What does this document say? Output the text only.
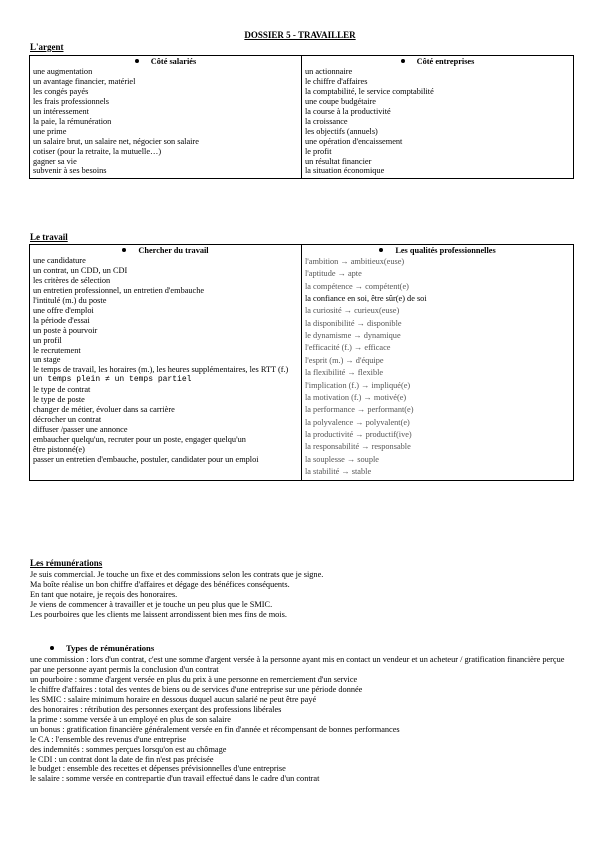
DOSSIER 5 - TRAVAILLER
L'argent
Côté salariés
une augmentation
un avantage financier, matériel
les congés payés
les frais professionnels
un intéressement
la paie, la rémunération
une prime
un salaire brut, un salaire net, négocier son salaire
cotiser (pour la retraite, la mutuelle…)
gagner sa vie
subvenir à ses besoins

Côté entreprises
un actionnaire
le chiffre d'affaires
la comptabilité, le service comptabilité
une coupe budgétaire
la course à la productivité
la croissance
les objectifs (annuels)
une opération d'encaissement
le profit
un résultat financier
la situation économique
Le travail
Chercher du travail
une candidature
un contrat, un CDD, un CDI
les critères de sélection
un entretien professionnel, un entretien d'embauche
l'intitulé (m.) du poste
une offre d'emploi
la période d'essai
un poste à pourvoir
un profil
le recrutement
un stage
le temps de travail, les horaires (m.), les heures supplémentaires, les RTT (f.)
un temps plein ≠ un temps partiel
le type de contrat
le type de poste
changer de métier, évoluer dans sa carrière
décrocher un contrat
diffuser /passer une annonce
embaucher quelqu'un, recruter pour un poste, engager quelqu'un
être pistonné(e)
passer un entretien d'embauche, postuler, candidater pour un emploi

Les qualités professionnelles
l'ambition → ambitieux(euse)
l'aptitude → apte
la compétence → compétent(e)
la confiance en soi, être sûr(e) de soi
la curiosité → curieux(euse)
la disponibilité → disponible
le dynamisme → dynamique
l'efficacité (f.) → efficace
l'esprit (m.) → d'équipe
la flexibilité → flexible
l'implication (f.) → impliqué(e)
la motivation (f.) → motivé(e)
la performance → performant(e)
la polyvalence → polyvalent(e)
la productivité → productif(ive)
la responsabilité → responsable
la souplesse → souple
la stabilité → stable
Les rémunérations
Je suis commercial. Je touche un fixe et des commissions selon les contrats que je signe.
Ma boîte réalise un bon chiffre d'affaires et dégage des bénéfices conséquents.
En tant que notaire, je reçois des honoraires.
Je viens de commencer à travailler et je touche un peu plus que le SMIC.
Les pourboires que les clients me laissent arrondissent bien mes fins de mois.
Types de rémunérations
une commission : lors d'un contrat, c'est une somme d'argent versée à la personne ayant mis en contact un vendeur et un acheteur / gratification financière perçue par une personne ayant permis la conclusion d'un contrat
un pourboire : somme d'argent versée en plus du prix à une personne en remerciement d'un service
le chiffre d'affaires : total des ventes de biens ou de services d'une entreprise sur une période donnée
les SMIC : salaire minimum horaire en dessous duquel aucun salarié ne peut être payé
des honoraires : rétribution des personnes exerçant des professions libérales
la prime : somme versée à un employé en plus de son salaire
un bonus : gratification financière généralement versée en fin d'année et récompensant de bonnes performances
le CA : l'ensemble des revenus d'une entreprise
des indemnités : sommes perçues lorsqu'on est au chômage
le CDI : un contrat dont la date de fin n'est pas précisée
le budget : ensemble des recettes et dépenses prévisionnelles d'une entreprise
le salaire : somme versée en contrepartie d'un travail effectué dans le cadre d'un contrat
